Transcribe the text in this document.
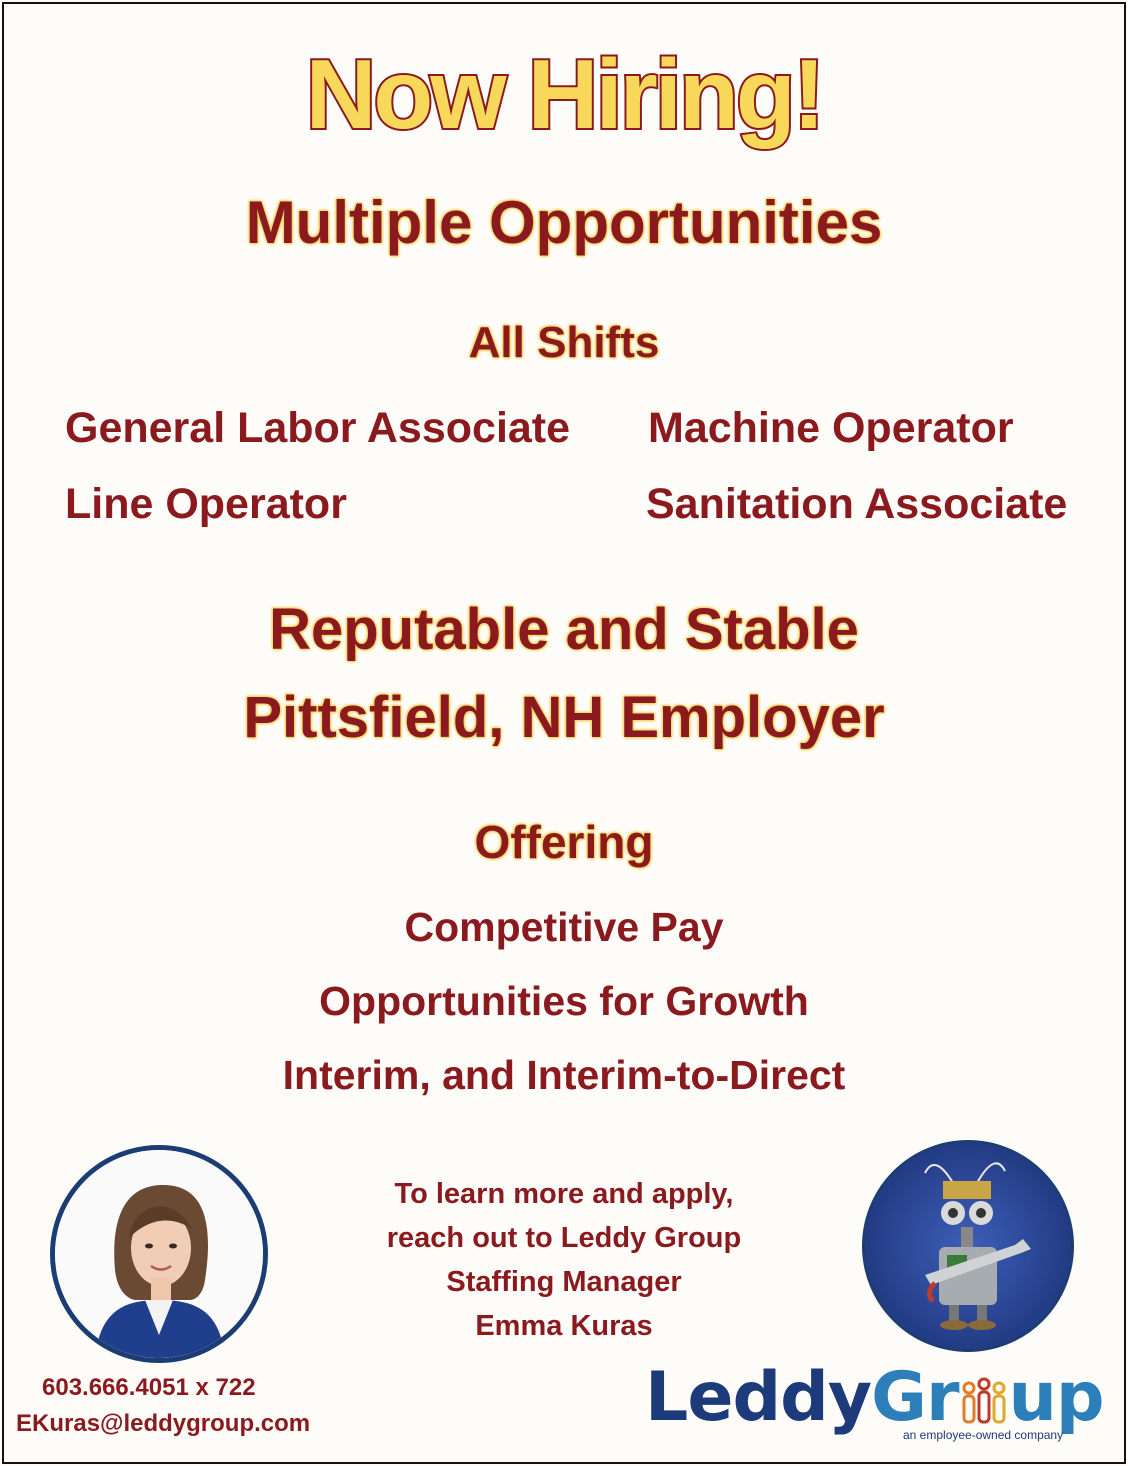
Now Hiring!
Multiple Opportunities
All Shifts
General Labor Associate Machine Operator
Line Operator	Sanitation Associate
Reputable and Stable
Pittsfield, NH Employer
Offering
Competitive Pay
Opportunities for Growth
Interim, and Interim-to-Direct
To learn more and apply,
reach out to Leddy Group
Staffing Manager
Emma Kuras
603.666.4051 x 722
EKuras@leddygroup.com	LeddyGr up
an employee-owned company
